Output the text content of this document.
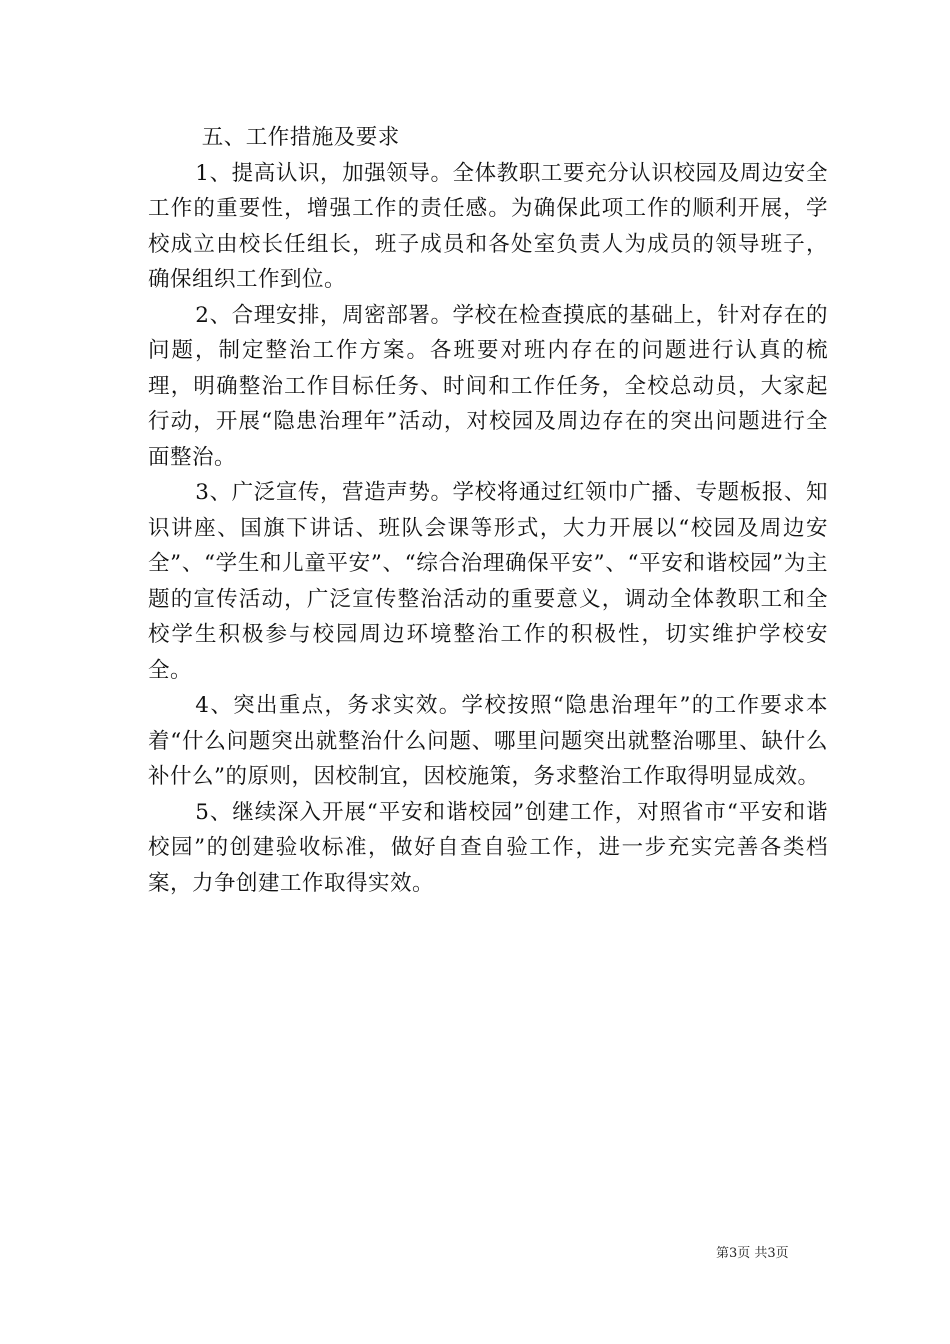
五、工作措施及要求

1、提高认识，加强领导。全体教职工要充分认识校园及周边安全工作的重要性，增强工作的责任感。为确保此项工作的顺利开展，学校成立由校长任组长，班子成员和各处室负责人为成员的领导班子，确保组织工作到位。

2、合理安排，周密部署。学校在检查摸底的基础上，针对存在的问题，制定整治工作方案。各班要对班内存在的问题进行认真的梳理，明确整治工作目标任务、时间和工作任务，全校总动员，大家起行动，开展“隐患治理年”活动，对校园及周边存在的突出问题进行全面整治。

3、广泛宣传，营造声势。学校将通过红领巾广播、专题板报、知识讲座、国旗下讲话、班队会课等形式，大力开展以“校园及周边安全”、“学生和儿童平安”、“综合治理确保平安”、“平安和谐校园”为主题的宣传活动，广泛宣传整治活动的重要意义，调动全体教职工和全校学生积极参与校园周边环境整治工作的积极性，切实维护学校安全。

4、突出重点，务求实效。学校按照“隐患治理年”的工作要求本着“什么问题突出就整治什么问题、哪里问题突出就整治哪里、缺什么补什么”的原则，因校制宜，因校施策，务求整治工作取得明显成效。

5、继续深入开展“平安和谐校园”创建工作，对照省市“平安和谐校园”的创建验收标准，做好自查自验工作，进一步充实完善各类档案，力争创建工作取得实效。

第3页 共3页
